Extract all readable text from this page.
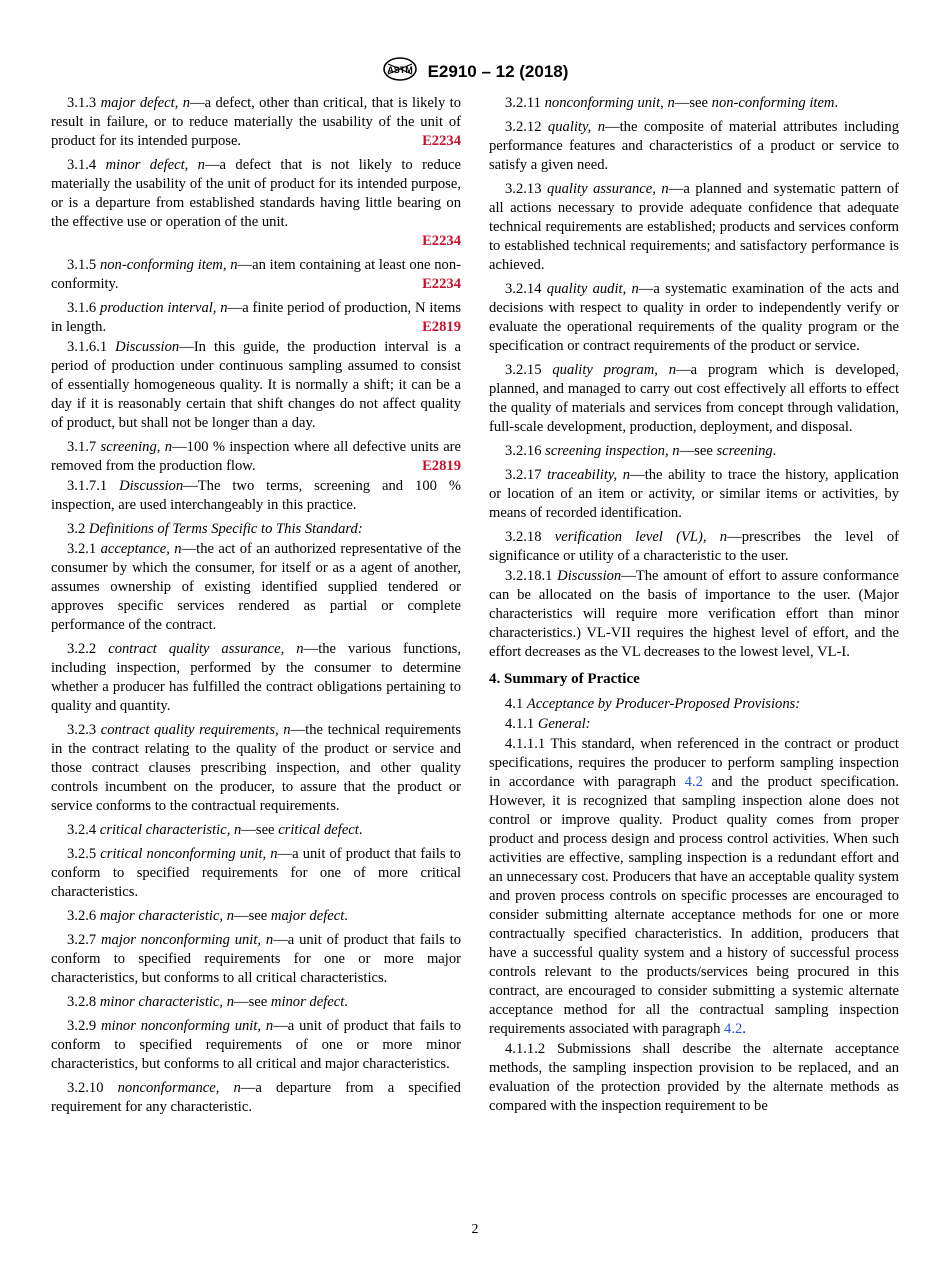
ASTM E2910 – 12 (2018)

3.1.3 major defect, n—a defect, other than critical, that is likely to result in failure, or to reduce materially the usability of the unit of product for its intended purpose.	E2234

3.1.4 minor defect, n—a defect that is not likely to reduce materially the usability of the unit of product for its intended purpose, or is a departure from established standards having little bearing on the effective use or operation of the unit.
E2234

3.1.5 non-conforming item, n—an item containing at least one non-conformity.	E2234

3.1.6 production interval, n—a finite period of production, N items in length.	E2819

3.1.6.1 Discussion—In this guide, the production interval is a period of production under continuous sampling assumed to consist of essentially homogeneous quality. It is normally a shift; it can be a day if it is reasonably certain that shift changes do not affect quality of product, but shall not be longer than a day.

3.1.7 screening, n—100 % inspection where all defective units are removed from the production flow.	E2819

3.1.7.1 Discussion—The two terms, screening and 100 % inspection, are used interchangeably in this practice.

3.2 Definitions of Terms Specific to This Standard:

3.2.1 acceptance, n—the act of an authorized representative of the consumer by which the consumer, for itself or as a agent of another, assumes ownership of existing identified supplied tendered or approves specific services rendered as partial or complete performance of the contract.

3.2.2 contract quality assurance, n—the various functions, including inspection, performed by the consumer to determine whether a producer has fulfilled the contract obligations pertaining to quality and quantity.

3.2.3 contract quality requirements, n—the technical requirements in the contract relating to the quality of the product or service and those contract clauses prescribing inspection, and other quality controls incumbent on the producer, to assure that the product or service conforms to the contractual requirements.

3.2.4 critical characteristic, n—see critical defect.

3.2.5 critical nonconforming unit, n—a unit of product that fails to conform to specified requirements for one of more critical characteristics.

3.2.6 major characteristic, n—see major defect.

3.2.7 major nonconforming unit, n—a unit of product that fails to conform to specified requirements for one or more major characteristics, but conforms to all critical characteristics.

3.2.8 minor characteristic, n—see minor defect.

3.2.9 minor nonconforming unit, n—a unit of product that fails to conform to specified requirements of one or more minor characteristics, but conforms to all critical and major characteristics.

3.2.10 nonconformance, n—a departure from a specified requirement for any characteristic.

3.2.11 nonconforming unit, n—see non-conforming item.

3.2.12 quality, n—the composite of material attributes including performance features and characteristics of a product or service to satisfy a given need.

3.2.13 quality assurance, n—a planned and systematic pattern of all actions necessary to provide adequate confidence that adequate technical requirements are established; products and services conform to established technical requirements; and satisfactory performance is achieved.

3.2.14 quality audit, n—a systematic examination of the acts and decisions with respect to quality in order to independently verify or evaluate the operational requirements of the quality program or the specification or contract requirements of the product or service.

3.2.15 quality program, n—a program which is developed, planned, and managed to carry out cost effectively all efforts to effect the quality of materials and services from concept through validation, full-scale development, production, deployment, and disposal.

3.2.16 screening inspection, n—see screening.

3.2.17 traceability, n—the ability to trace the history, application or location of an item or activity, or similar items or activities, by means of recorded identification.

3.2.18 verification level (VL), n—prescribes the level of significance or utility of a characteristic to the user.

3.2.18.1 Discussion—The amount of effort to assure conformance can be allocated on the basis of importance to the user. (Major characteristics will require more verification effort than minor characteristics.) VL-VII requires the highest level of effort, and the effort decreases as the VL decreases to the lowest level, VL-I.

4. Summary of Practice

4.1 Acceptance by Producer-Proposed Provisions:

4.1.1 General:

4.1.1.1 This standard, when referenced in the contract or product specifications, requires the producer to perform sampling inspection in accordance with paragraph 4.2 and the product specification. However, it is recognized that sampling inspection alone does not control or improve quality. Product quality comes from proper product and process design and process control activities. When such activities are effective, sampling inspection is a redundant effort and an unnecessary cost. Producers that have an acceptable quality system and proven process controls on specific processes are encouraged to consider submitting alternate acceptance methods for one or more contractually specified characteristics. In addition, producers that have a successful quality system and a history of successful process controls relevant to the products/services being procured in this contract, are encouraged to consider submitting a systemic alternate acceptance method for all the contractual sampling inspection requirements associated with paragraph 4.2.

4.1.1.2 Submissions shall describe the alternate acceptance methods, the sampling inspection provision to be replaced, and an evaluation of the protection provided by the alternate methods as compared with the inspection requirement to be

2
